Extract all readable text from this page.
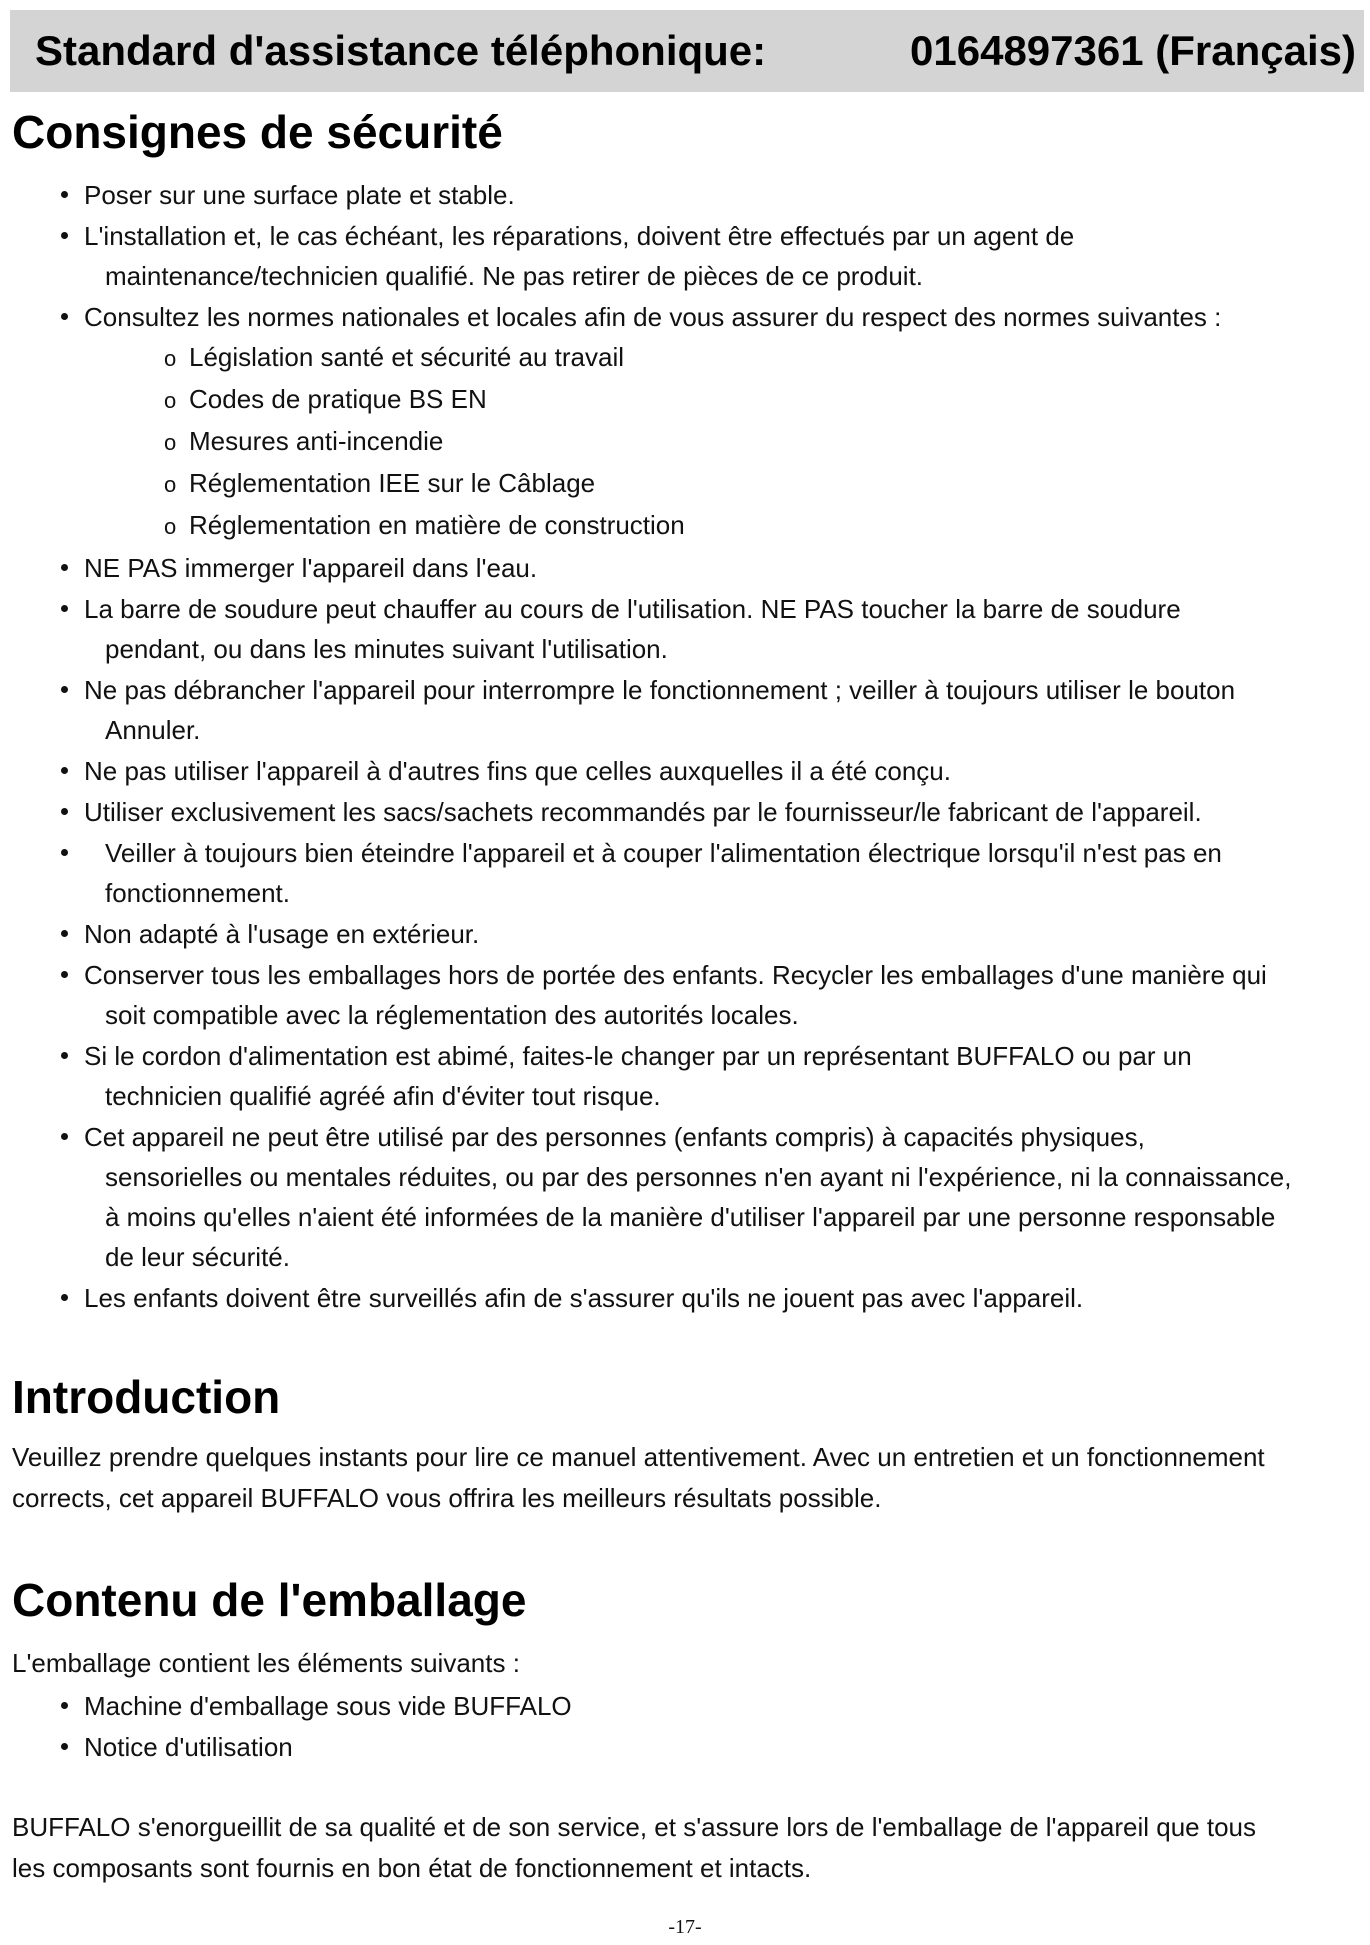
Standard d'assistance téléphonique:	0164897361 (Français)
Consignes de sécurité
Poser sur une surface plate et stable.
L'installation et, le cas échéant, les réparations, doivent être effectués par un agent de
maintenance/technicien qualifié. Ne pas retirer de pièces de ce produit.
Consultez les normes nationales et locales afin de vous assurer du respect des normes suivantes :
o Législation santé et sécurité au travail
o Codes de pratique BS EN
o Mesures anti-incendie
o Réglementation IEE sur le Câblage
o Réglementation en matière de construction
NE PAS immerger l'appareil dans l'eau.
La barre de soudure peut chauffer au cours de l'utilisation. NE PAS toucher la barre de soudure
pendant, ou dans les minutes suivant l'utilisation.
Ne pas débrancher l'appareil pour interrompre le fonctionnement ; veiller à toujours utiliser le bouton
Annuler.
Ne pas utiliser l'appareil à d'autres fins que celles auxquelles il a été conçu.
Utiliser exclusivement les sacs/sachets recommandés par le fournisseur/le fabricant de l'appareil.
Veiller à toujours bien éteindre l'appareil et à couper l'alimentation électrique lorsqu'il n'est pas en
fonctionnement.
Non adapté à l'usage en extérieur.
Conserver tous les emballages hors de portée des enfants. Recycler les emballages d'une manière qui
soit compatible avec la réglementation des autorités locales.
Si le cordon d'alimentation est abimé, faites-le changer par un représentant BUFFALO ou par un
technicien qualifié agréé afin d'éviter tout risque.
Cet appareil ne peut être utilisé par des personnes (enfants compris) à capacités physiques,
sensorielles ou mentales réduites, ou par des personnes n'en ayant ni l'expérience, ni la connaissance,
à moins qu'elles n'aient été informées de la manière d'utiliser l'appareil par une personne responsable
de leur sécurité.
Les enfants doivent être surveillés afin de s'assurer qu'ils ne jouent pas avec l'appareil.
Introduction

Veuillez prendre quelques instants pour lire ce manuel attentivement. Avec un entretien et un fonctionnement
corrects, cet appareil BUFFALO vous offrira les meilleurs résultats possible.

Contenu de l'emballage

L'emballage contient les éléments suivants :

Machine d'emballage sous vide BUFFALO
Notice d'utilisation

BUFFALO s'enorgueillit de sa qualité et de son service, et s'assure lors de l'emballage de l'appareil que tous
les composants sont fournis en bon état de fonctionnement et intacts.

-17-
